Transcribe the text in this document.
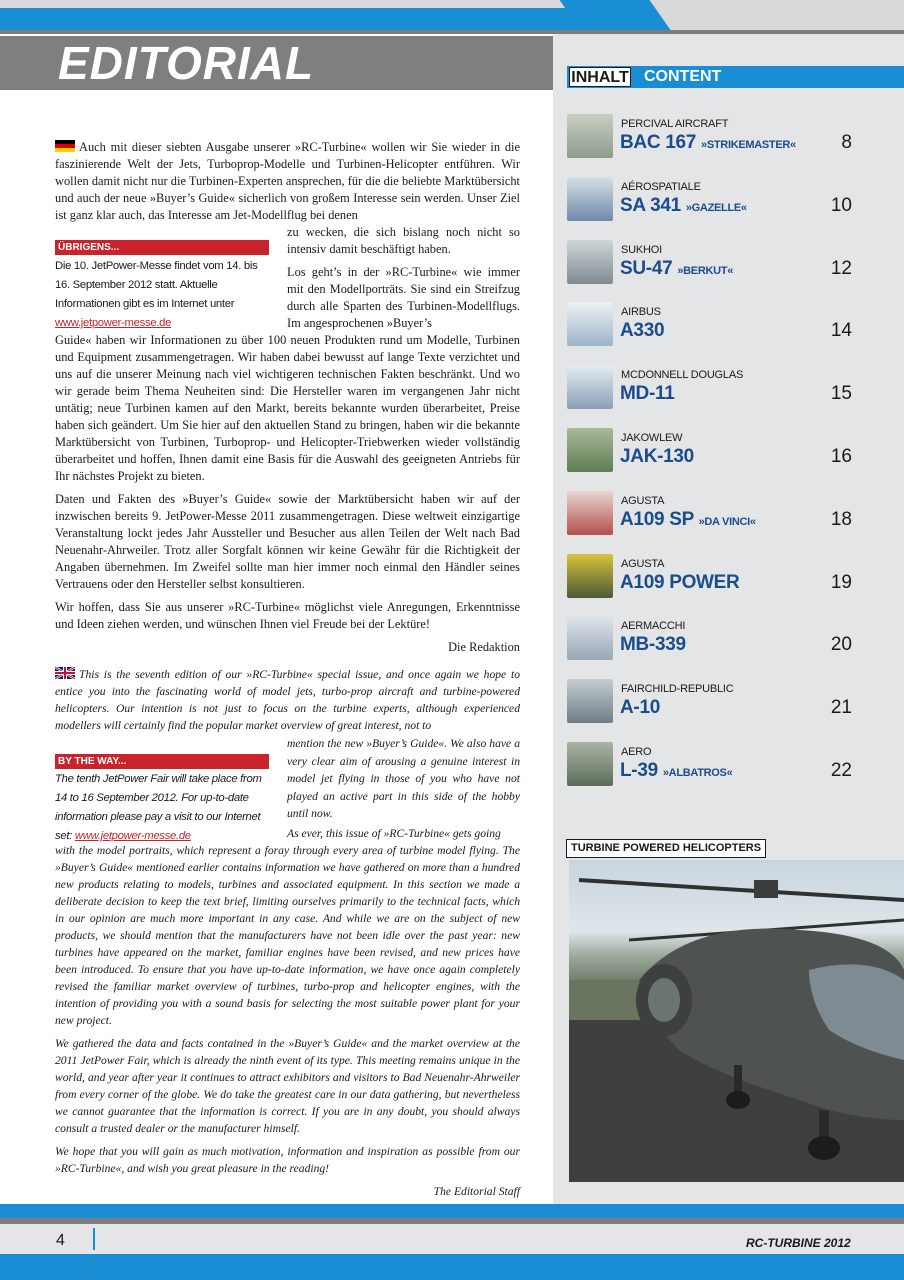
EDITORIAL	INHALT CONTENT
PERCIVAL AIRCRAFT
BAC 167 »STRIKEMASTER« 8
AÉROSPATIALE
SA 341 »GAZELLE«	10
SUKHOI
SU-47 »BERKUT«	12
AIRBUS
A330	14
MCDONNELL DOUGLAS
MD-11	15
JAKOWLEW
JAK-130	16
AGUSTA
A109 SP »DA VINCI«	18
AGUSTA
A109 POWER	19
AERMACCHI
MB-339	20
FAIRCHILD-REPUBLIC
A-10	21
AERO
L-39 »ALBATROS«	22
TURBINE POWERED HELICOPTERS

Auch mit dieser siebten Ausgabe unserer »RC-Turbine« wollen wir Sie wieder in die faszinierende Welt der Jets, Turboprop-Modelle und Turbinen-Helicopter entführen. Wir wollen damit nicht nur die Turbinen-Experten ansprechen, für die die beliebte Marktübersicht und auch der neue »Buyer’s Guide« sicherlich von großem Interesse sein werden. Unser Ziel ist ganz klar auch, das Interesse am Jet-Modellflug bei denen

zu wecken, die sich bislang noch nicht so intensiv damit beschäftigt haben.
Los geht’s in der »RC-Turbine« wie immer mit den Modellporträts. Sie sind ein Streifzug durch alle Sparten des Turbinen-Modellflugs. Im angesprochenen »Buyer’s
ÜBRIGENS...
Die 10. JetPower-Messe findet vom 14. bis 16. September 2012 statt. Aktuelle Informationen gibt es im Internet unter www.jetpower-messe.de

Guide« haben wir Informationen zu über 100 neuen Produkten rund um Modelle, Turbinen und Equipment zusammengetragen. Wir haben dabei bewusst auf lange Texte verzichtet und uns auf die unserer Meinung nach viel wichtigeren technischen Fakten beschränkt. Und wo wir gerade beim Thema Neuheiten sind: Die Hersteller waren im vergangenen Jahr nicht untätig; neue Turbinen kamen auf den Markt, bereits bekannte wurden überarbeitet, Preise haben sich geändert. Um Sie hier auf den aktuellen Stand zu bringen, haben wir die bekannte Marktübersicht von Turbinen, Turboprop- und Helicopter-Triebwerken wieder vollständig überarbeitet und hoffen, Ihnen damit eine Basis für die Auswahl des geeigneten Antriebs für Ihr nächstes Projekt zu bieten.

Daten und Fakten des »Buyer’s Guide« sowie der Marktübersicht haben wir auf der inzwischen bereits 9. JetPower-Messe 2011 zusammengetragen. Diese weltweit einzigartige Veranstaltung lockt jedes Jahr Aussteller und Besucher aus allen Teilen der Welt nach Bad Neuenahr-Ahrweiler. Trotz aller Sorgfalt können wir keine Gewähr für die Richtigkeit der Angaben übernehmen. Im Zweifel sollte man hier immer noch einmal den Händler seines Vertrauens oder den Hersteller selbst konsultieren.

Wir hoffen, dass Sie aus unserer »RC-Turbine« möglichst viele Anregungen, Erkenntnisse und Ideen ziehen werden, und wünschen Ihnen viel Freude bei der Lektüre!

Die Redaktion

This is the seventh edition of our »RC-Turbine« special issue, and once again we hope to entice you into the fascinating world of model jets, turbo-prop aircraft and turbine-powered helicopters. Our intention is not just to focus on the turbine experts, although experienced modellers will certainly find the popular market overview of great interest, not to

mention the new »Buyer’s Guide«. We also have a very clear aim of arousing a genuine interest in model jet flying in those of you who have not played an active part in this side of the hobby until now.
As ever, this issue of »RC-Turbine« gets going
BY THE WAY...
The tenth JetPower Fair will take place from 14 to 16 September 2012. For up-to-date information please pay a visit to our Internet set: www.jetpower-messe.de

with the model portraits, which represent a foray through every area of turbine model flying. The »Buyer’s Guide« mentioned earlier contains information we have gathered on more than a hundred new products relating to models, turbines and associated equipment. In this section we made a deliberate decision to keep the text brief, limiting ourselves primarily to the technical facts, which in our opinion are much more important in any case. And while we are on the subject of new products, we should mention that the manufacturers have not been idle over the past year: new turbines have appeared on the market, familiar engines have been revised, and new prices have been introduced. To ensure that you have up-to-date information, we have once again completely revised the familiar market overview of turbines, turbo-prop and helicopter engines, with the intention of providing you with a sound basis for selecting the most suitable power plant for your new project.

We gathered the data and facts contained in the »Buyer’s Guide« and the market overview at the 2011 JetPower Fair, which is already the ninth event of its type. This meeting remains unique in the world, and year after year it continues to attract exhibitors and visitors to Bad Neuenahr-Ahrweiler from every corner of the globe. We do take the greatest care in our data gathering, but nevertheless we cannot guarantee that the information is correct. If you are in any doubt, you should always consult a trusted dealer or the manufacturer himself.

We hope that you will gain as much motivation, information and inspiration as possible from our »RC-Turbine«, and wish you great pleasure in the reading!

The Editorial Staff

4	RC-TURBINE 2012
